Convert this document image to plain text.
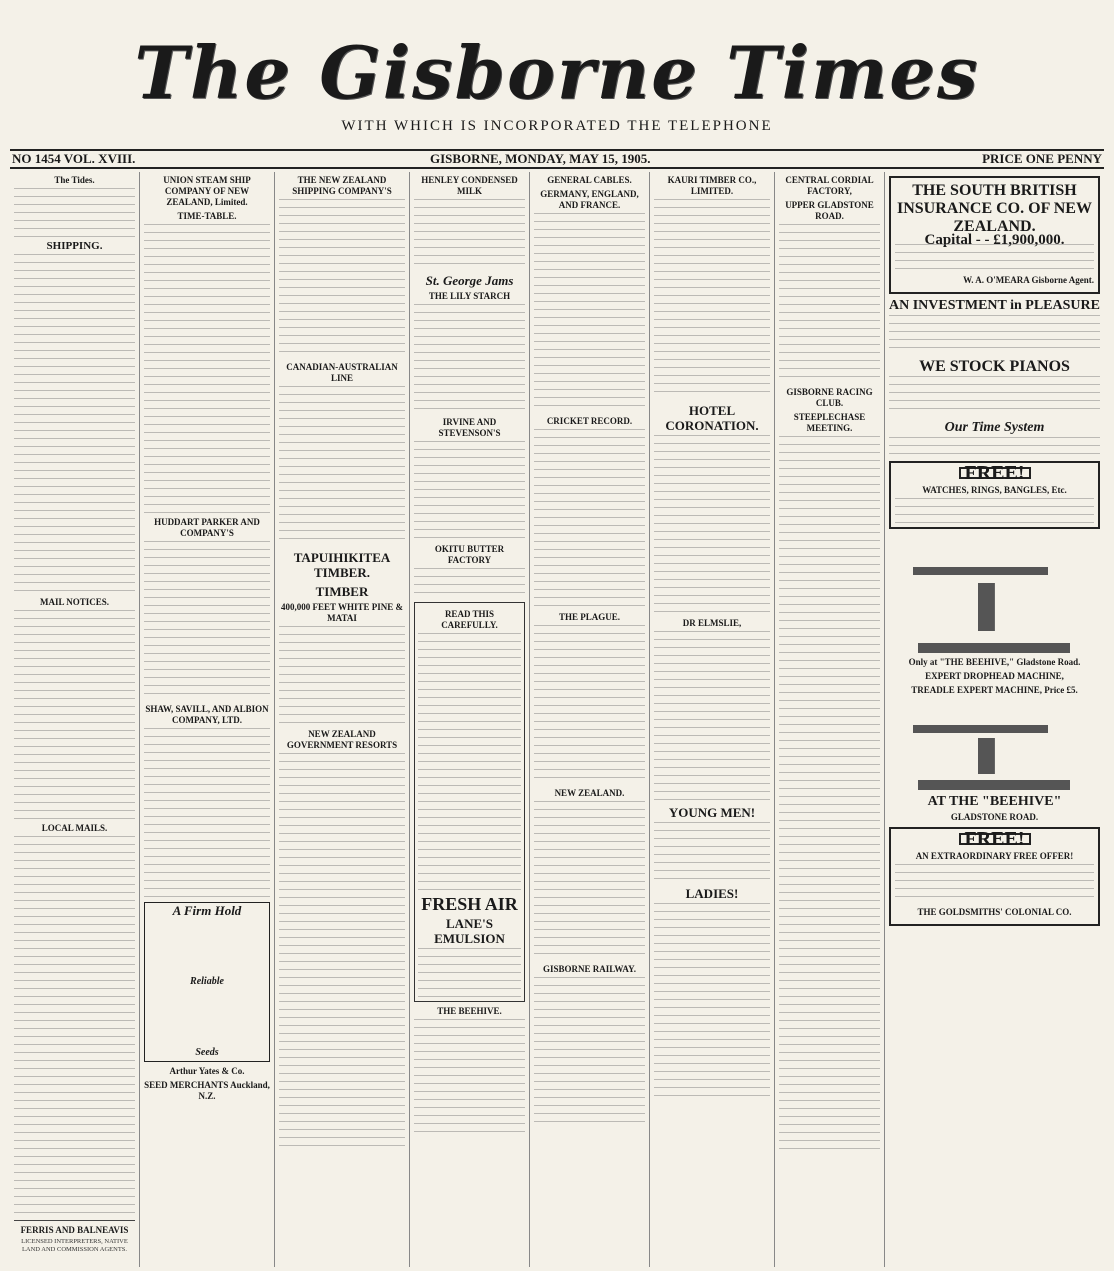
The Gisborne Times
WITH WHICH IS INCORPORATED THE TELEPHONE
NO 1454 VOL. XVIII.	GISBORNE, MONDAY, MAY 15, 1905.	PRICE ONE PENNY
The Tides.
SHIPPING.
MAIL NOTICES.
LOCAL MAILS.
FERRIS AND BALNEAVIS
LICENSED INTERPRETERS, NATIVE LAND AND COMMISSION AGENTS.
UNION STEAM SHIP COMPANY OF NEW ZEALAND, Limited.
TIME-TABLE.
HUDDART PARKER AND COMPANY'S
SHAW, SAVILL, AND ALBION COMPANY, LTD.
A Firm Hold
Reliable
Seeds
Arthur Yates & Co.
SEED MERCHANTS Auckland, N.Z.
THE NEW ZEALAND SHIPPING COMPANY'S
CANADIAN-AUSTRALIAN LINE
TAPUIHIKITEA TIMBER.
TIMBER
400,000 FEET WHITE PINE & MATAI
NEW ZEALAND GOVERNMENT RESORTS
HENLEY CONDENSED MILK
St. George Jams
THE LILY STARCH
IRVINE AND STEVENSON'S
OKITU BUTTER FACTORY
READ THIS CAREFULLY.
FRESH AIR
LANE'S EMULSION
THE BEEHIVE.
GENERAL CABLES.
GERMANY, ENGLAND, AND FRANCE.
CRICKET RECORD.
THE PLAGUE.
NEW ZEALAND.
GISBORNE RAILWAY.
KAURI TIMBER CO., LIMITED.
HOTEL CORONATION.
DR ELMSLIE,
YOUNG MEN!
LADIES!
CENTRAL CORDIAL FACTORY,
UPPER GLADSTONE ROAD.
GISBORNE RACING CLUB.
STEEPLECHASE MEETING.
THE SOUTH BRITISH INSURANCE CO. OF NEW ZEALAND.
Capital - - £1,900,000.
W. A. O'MEARA Gisborne Agent.
AN INVESTMENT in PLEASURE
WE STOCK PIANOS
Our Time System
FREE!
WATCHES, RINGS, BANGLES, Etc.
Only at "THE BEEHIVE," Gladstone Road.
EXPERT DROPHEAD MACHINE,
TREADLE EXPERT MACHINE, Price £5.
AT THE "BEEHIVE"
GLADSTONE ROAD.
FREE!
AN EXTRAORDINARY FREE OFFER!
THE GOLDSMITHS' COLONIAL CO.
